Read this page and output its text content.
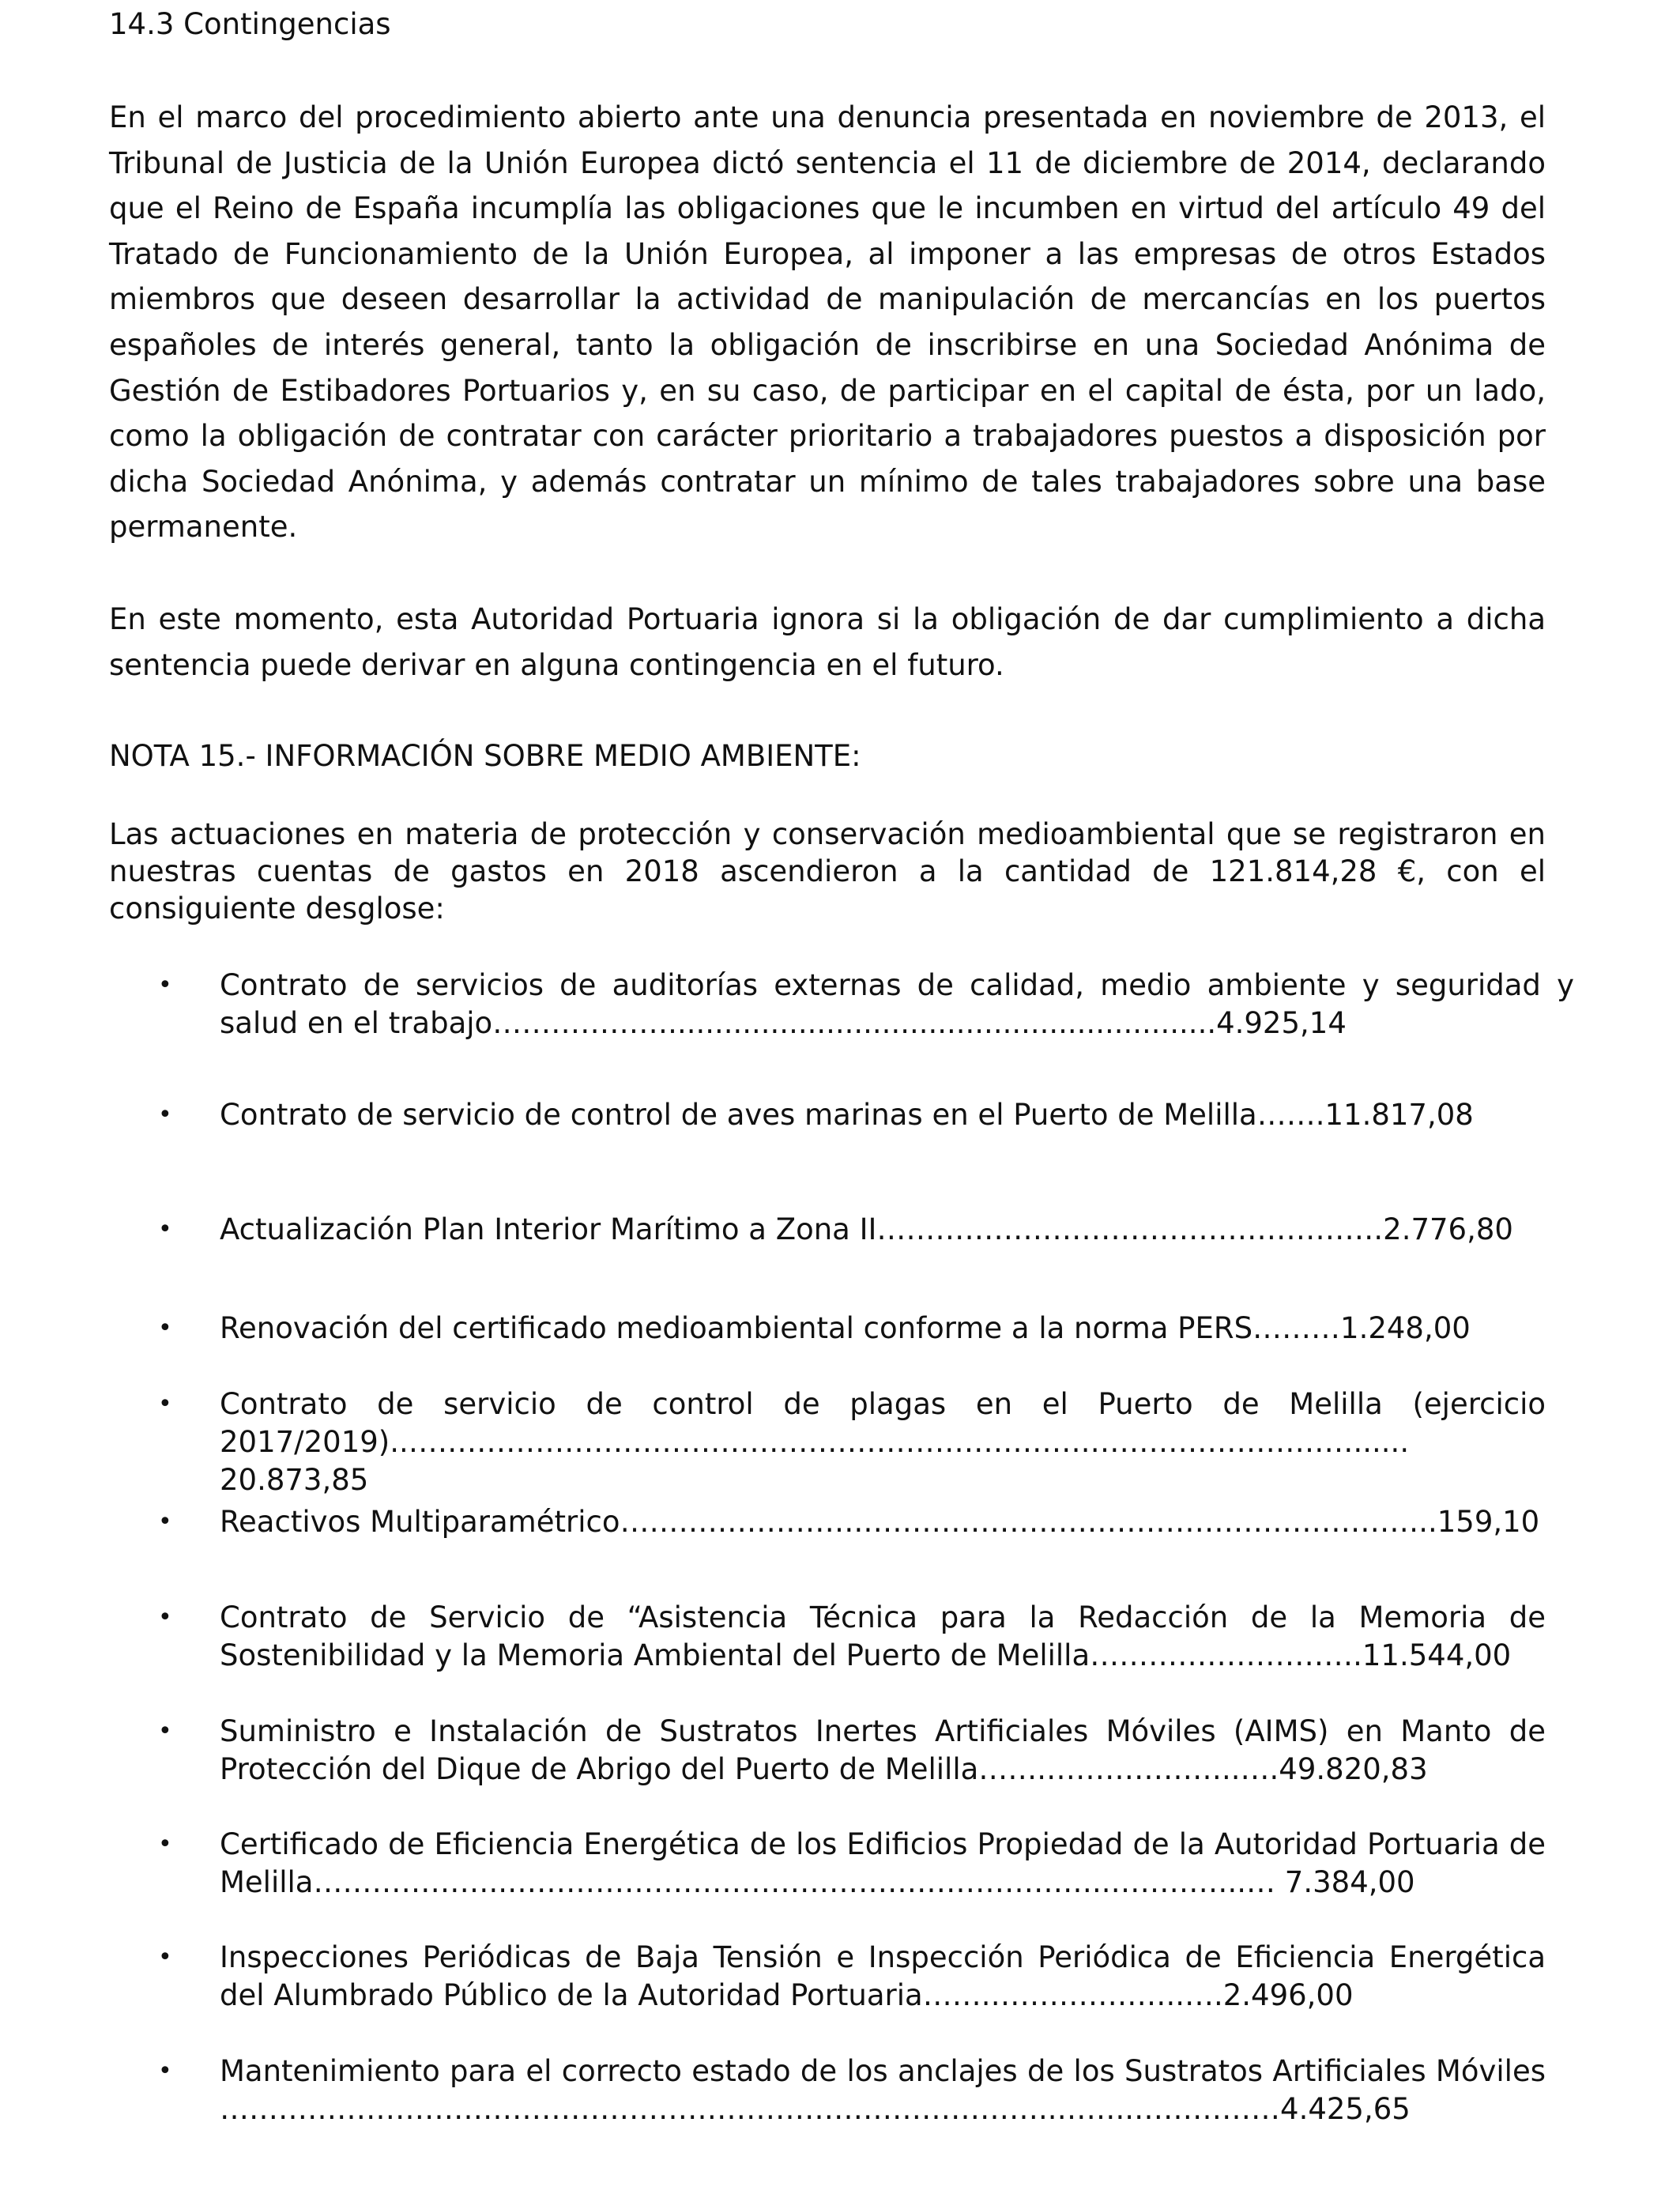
14.3 Contingencias
En el marco del procedimiento abierto ante una denuncia presentada en noviembre de 2013, el Tribunal de Justicia de la Unión Europea dictó sentencia el 11 de diciembre de 2014, declarando que el Reino de España incumplía las obligaciones que le incumben en virtud del artículo 49 del Tratado de Funcionamiento de la Unión Europea, al imponer a las empresas de otros Estados miembros que deseen desarrollar la actividad de manipulación de mercancías en los puertos españoles de interés general, tanto la obligación de inscribirse en una Sociedad Anónima de Gestión de Estibadores Portuarios y, en su caso, de participar en el capital de ésta, por un lado, como la obligación de contratar con carácter prioritario a trabajadores puestos a disposición por dicha Sociedad Anónima, y además contratar un mínimo de tales trabajadores sobre una base permanente.
En este momento, esta Autoridad Portuaria ignora si la obligación de dar cumplimiento a dicha sentencia puede derivar en alguna contingencia en el futuro.
NOTA 15.- INFORMACIÓN SOBRE MEDIO AMBIENTE:
Las actuaciones en materia de protección y conservación medioambiental que se registraron en nuestras cuentas de gastos en 2018 ascendieron a la cantidad de 121.814,28 €, con el consiguiente desglose:
• Contrato de servicios de auditorías externas de calidad, medio ambiente y seguridad y salud en el trabajo………………...........................................................4.925,14
• Contrato de servicio de control de aves marinas en el Puerto de Melilla…….11.817,08
• Actualización Plan Interior Marítimo a Zona II…………………………………………….2.776,80
• Renovación del certificado medioambiental conforme a la norma PERS………1.248,00
• Contrato de servicio de control de plagas en el Puerto de Melilla (ejercicio 2017/2019)..…………………………………………………………….………………………...... 20.873,85
• Reactivos Multiparamétrico…………………….…………………………………………………..159,10
• Contrato de Servicio de “Asistencia Técnica para la Redacción de la Memoria de Sostenibilidad y la Memoria Ambiental del Puerto de Melilla……………………….11.544,00
• Suministro e Instalación de Sustratos Inertes Artificiales Móviles (AIMS) en Manto de Protección del Dique de Abrigo del Puerto de Melilla…….………………..….49.820,83
• Certificado de Eficiencia Energética de los Edificios Propiedad de la Autoridad Portuaria de Melilla………………..……………………………………………………..…………..… 7.384,00
• Inspecciones Periódicas de Baja Tensión e Inspección Periódica de Eficiencia Energética del Alumbrado Público de la Autoridad Portuaria…….………………..….2.496,00
• Mantenimiento para el correcto estado de los anclajes de los Sustratos Artificiales Móviles …………………………………………………………………………..……..……………4.425,65
